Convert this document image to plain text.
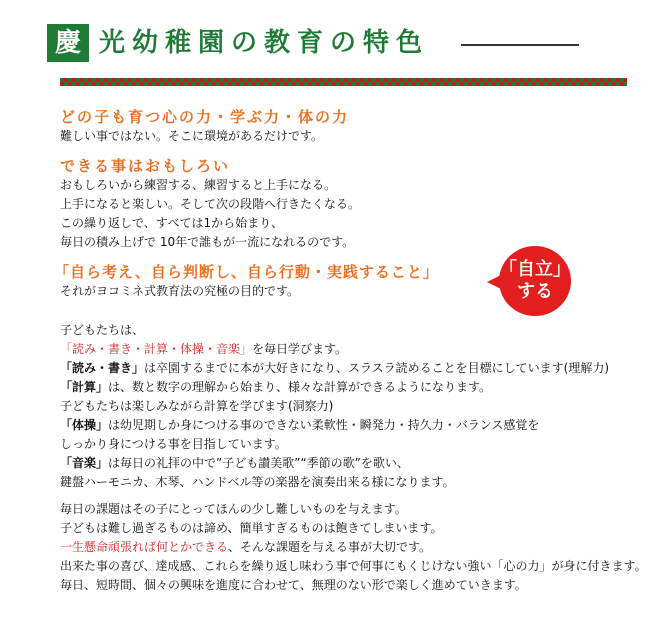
慶 光幼稚園の教育の特色
どの子も育つ心の力・学ぶ力・体の力
難しい事ではない。そこに環境があるだけです。
できる事はおもしろい
おもしろいから練習する、練習すると上手になる。
上手になると楽しい。そして次の段階へ行きたくなる。
この繰り返しで、すべては1から始まり、
毎日の積み上げで 10年で誰もが一流になれるのです。
「自ら考え、自ら判断し、自ら行動・実践すること」
それがヨコミネ式教育法の究極の目的です。
「自立」
する
子どもたちは、
「読み・書き・計算・体操・音楽」を毎日学びます。
「読み・書き」は卒園するまでに本が大好きになり、スラスラ読めることを目標にしています(理解力)
「計算」は、数と数字の理解から始まり、様々な計算ができるようになります。
子どもたちは楽しみながら計算を学びます(洞察力)
「体操」は幼児期しか身につける事のできない柔軟性・瞬発力・持久力・バランス感覚を
しっかり身につける事を目指しています。
「音楽」は毎日の礼拝の中で”子ども讃美歌”“季節の歌”を歌い、
鍵盤ハーモニカ、木琴、ハンドベル等の楽器を演奏出来る様になります。
毎日の課題はその子にとってほんの少し難しいものを与えます。
子どもは難し過ぎるものは諦め、簡単すぎるものは飽きてしまいます。
一生懸命頑張れば何とかできる、そんな課題を与える事が大切です。
出来た事の喜び、達成感、これらを繰り返し味わう事で何事にもくじけない強い「心の力」が身に付きます。
毎日、短時間、個々の興味を進度に合わせて、無理のない形で楽しく進めていきます。
